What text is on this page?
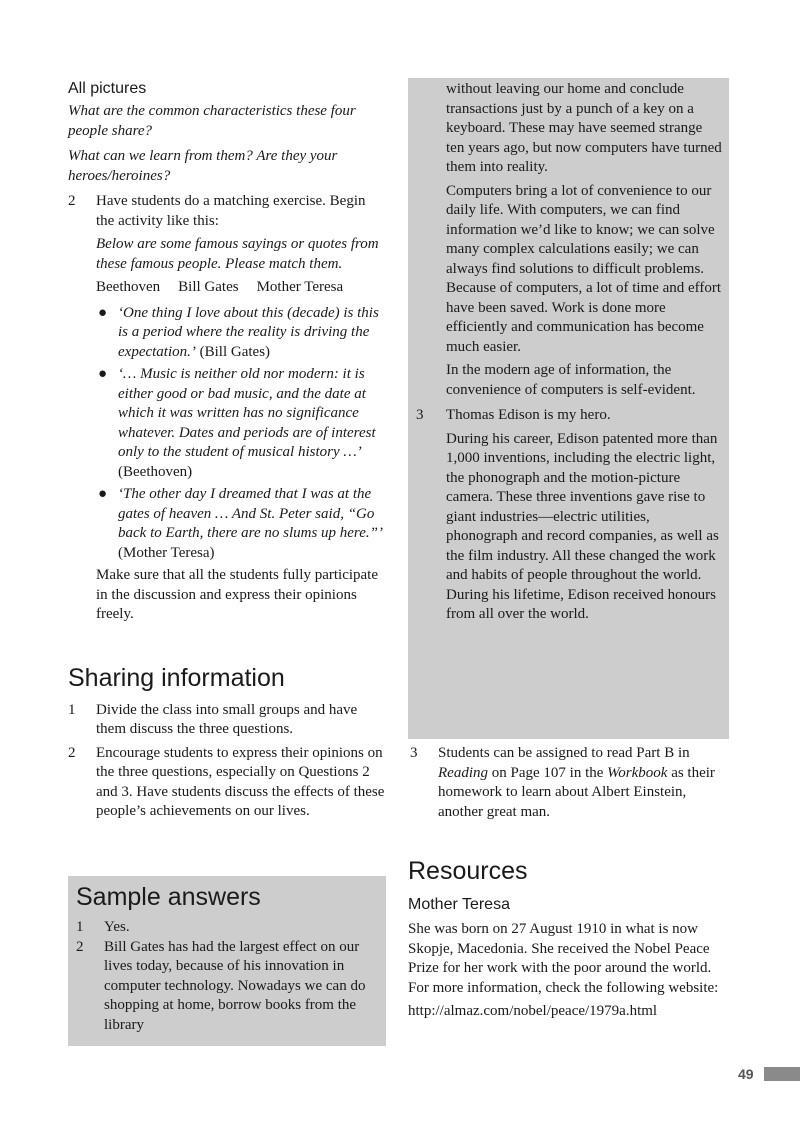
All pictures

What are the common characteristics these four people share?

What can we learn from them? Are they your heroes/heroines?

2	Have students do a matching exercise. Begin the activity like this:

Below are some famous sayings or quotes from these famous people. Please match them.

Beethoven Bill Gates Mother Teresa
● ‘One thing I love about this (decade) is this is a period where the reality is driving the expectation.’ (Bill Gates)
● ‘… Music is neither old nor modern: it is either good or bad music, and the date at which it was written has no significance whatever. Dates and periods are of interest only to the student of musical history …’ (Beethoven)
● ‘The other day I dreamed that I was at the gates of heaven … And St. Peter said, “Go back to Earth, there are no slums up here.”’ (Mother Teresa)

Make sure that all the students fully participate in the discussion and express their opinions freely.

Sharing information
1	Divide the class into small groups and have them discuss the three questions.
2	Encourage students to express their opinions on the three questions, especially on Questions 2 and 3. Have students discuss the effects of these people’s achievements on our lives.
Sample answers
1	Yes.
2	Bill Gates has had the largest effect on our lives today, because of his innovation in computer technology. Nowadays we can do shopping at home, borrow books from the library

without leaving our home and conclude transactions just by a punch of a key on a keyboard. These may have seemed strange ten years ago, but now computers have turned them into reality.

Computers bring a lot of convenience to our daily life. With computers, we can find information we’d like to know; we can solve many complex calculations easily; we can always find solutions to difficult problems. Because of computers, a lot of time and effort have been saved. Work is done more efficiently and communication has become much easier.

In the modern age of information, the convenience of computers is self-evident.

3	Thomas Edison is my hero.

During his career, Edison patented more than 1,000 inventions, including the electric light, the phonograph and the motion-picture camera. These three inventions gave rise to giant industries—electric utilities, phonograph and record companies, as well as the film industry. All these changed the work and habits of people throughout the world. During his lifetime, Edison received honours from all over the world.

3	Students can be assigned to read Part B in Reading on Page 107 in the Workbook as their homework to learn about Albert Einstein, another great man.
Resources
Mother Teresa

She was born on 27 August 1910 in what is now Skopje, Macedonia. She received the Nobel Peace Prize for her work with the poor around the world. For more information, check the following website:

http://almaz.com/nobel/peace/1979a.html

49
